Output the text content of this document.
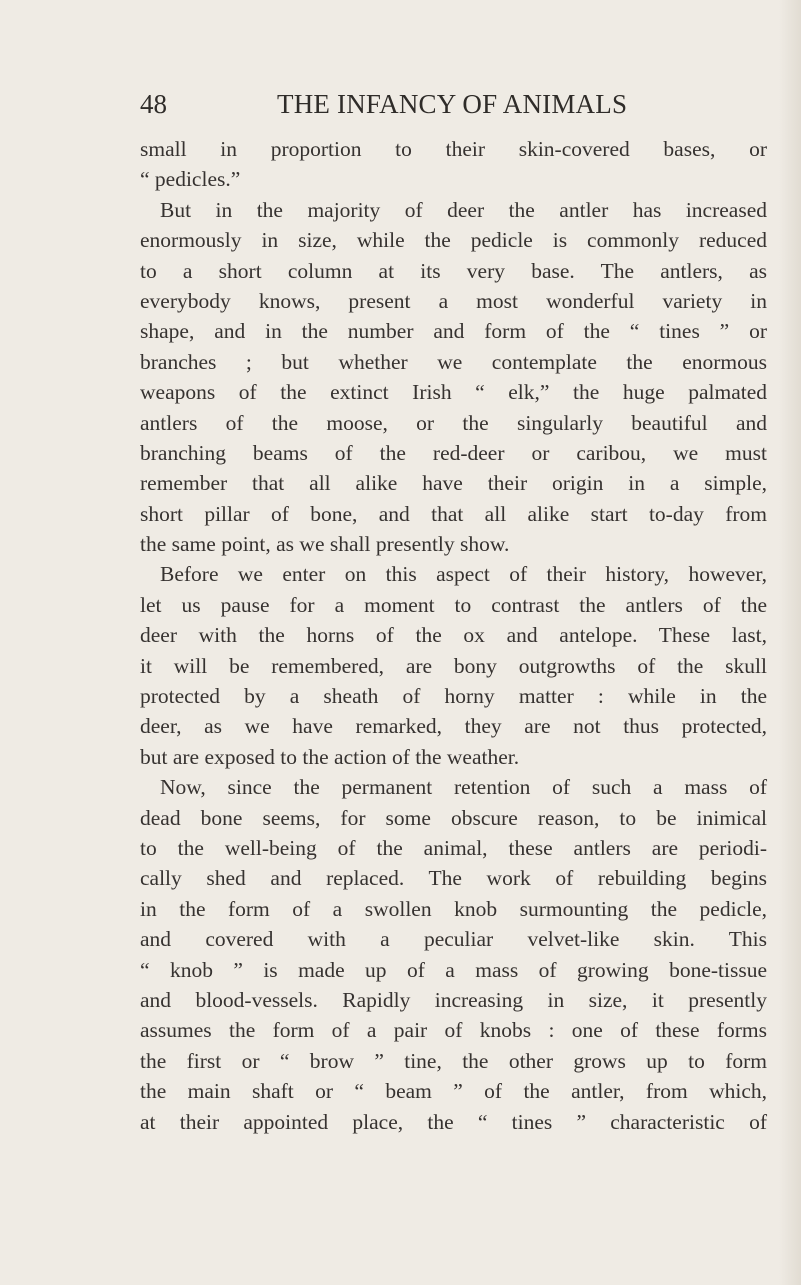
48	THE INFANCY OF ANIMALS
small in proportion to their skin-covered bases, or
“ pedicles.”
But in the majority of deer the antler has increased
enormously in size, while the pedicle is commonly reduced
to a short column at its very base. The antlers, as
everybody knows, present a most wonderful variety in
shape, and in the number and form of the “ tines ” or
branches ; but whether we contemplate the enormous
weapons of the extinct Irish “ elk,” the huge palmated
antlers of the moose, or the singularly beautiful and
branching beams of the red-deer or caribou, we must
remember that all alike have their origin in a simple,
short pillar of bone, and that all alike start to-day from
the same point, as we shall presently show.
Before we enter on this aspect of their history, however,
let us pause for a moment to contrast the antlers of the
deer with the horns of the ox and antelope. These last,
it will be remembered, are bony outgrowths of the skull
protected by a sheath of horny matter : while in the
deer, as we have remarked, they are not thus protected,
but are exposed to the action of the weather.
Now, since the permanent retention of such a mass of
dead bone seems, for some obscure reason, to be inimical
to the well-being of the animal, these antlers are periodi-
cally shed and replaced. The work of rebuilding begins
in the form of a swollen knob surmounting the pedicle,
and covered with a peculiar velvet-like skin. This
“ knob ” is made up of a mass of growing bone-tissue
and blood-vessels. Rapidly increasing in size, it presently
assumes the form of a pair of knobs : one of these forms
the first or “ brow ” tine, the other grows up to form
the main shaft or “ beam ” of the antler, from which,
at their appointed place, the “ tines ” characteristic of
